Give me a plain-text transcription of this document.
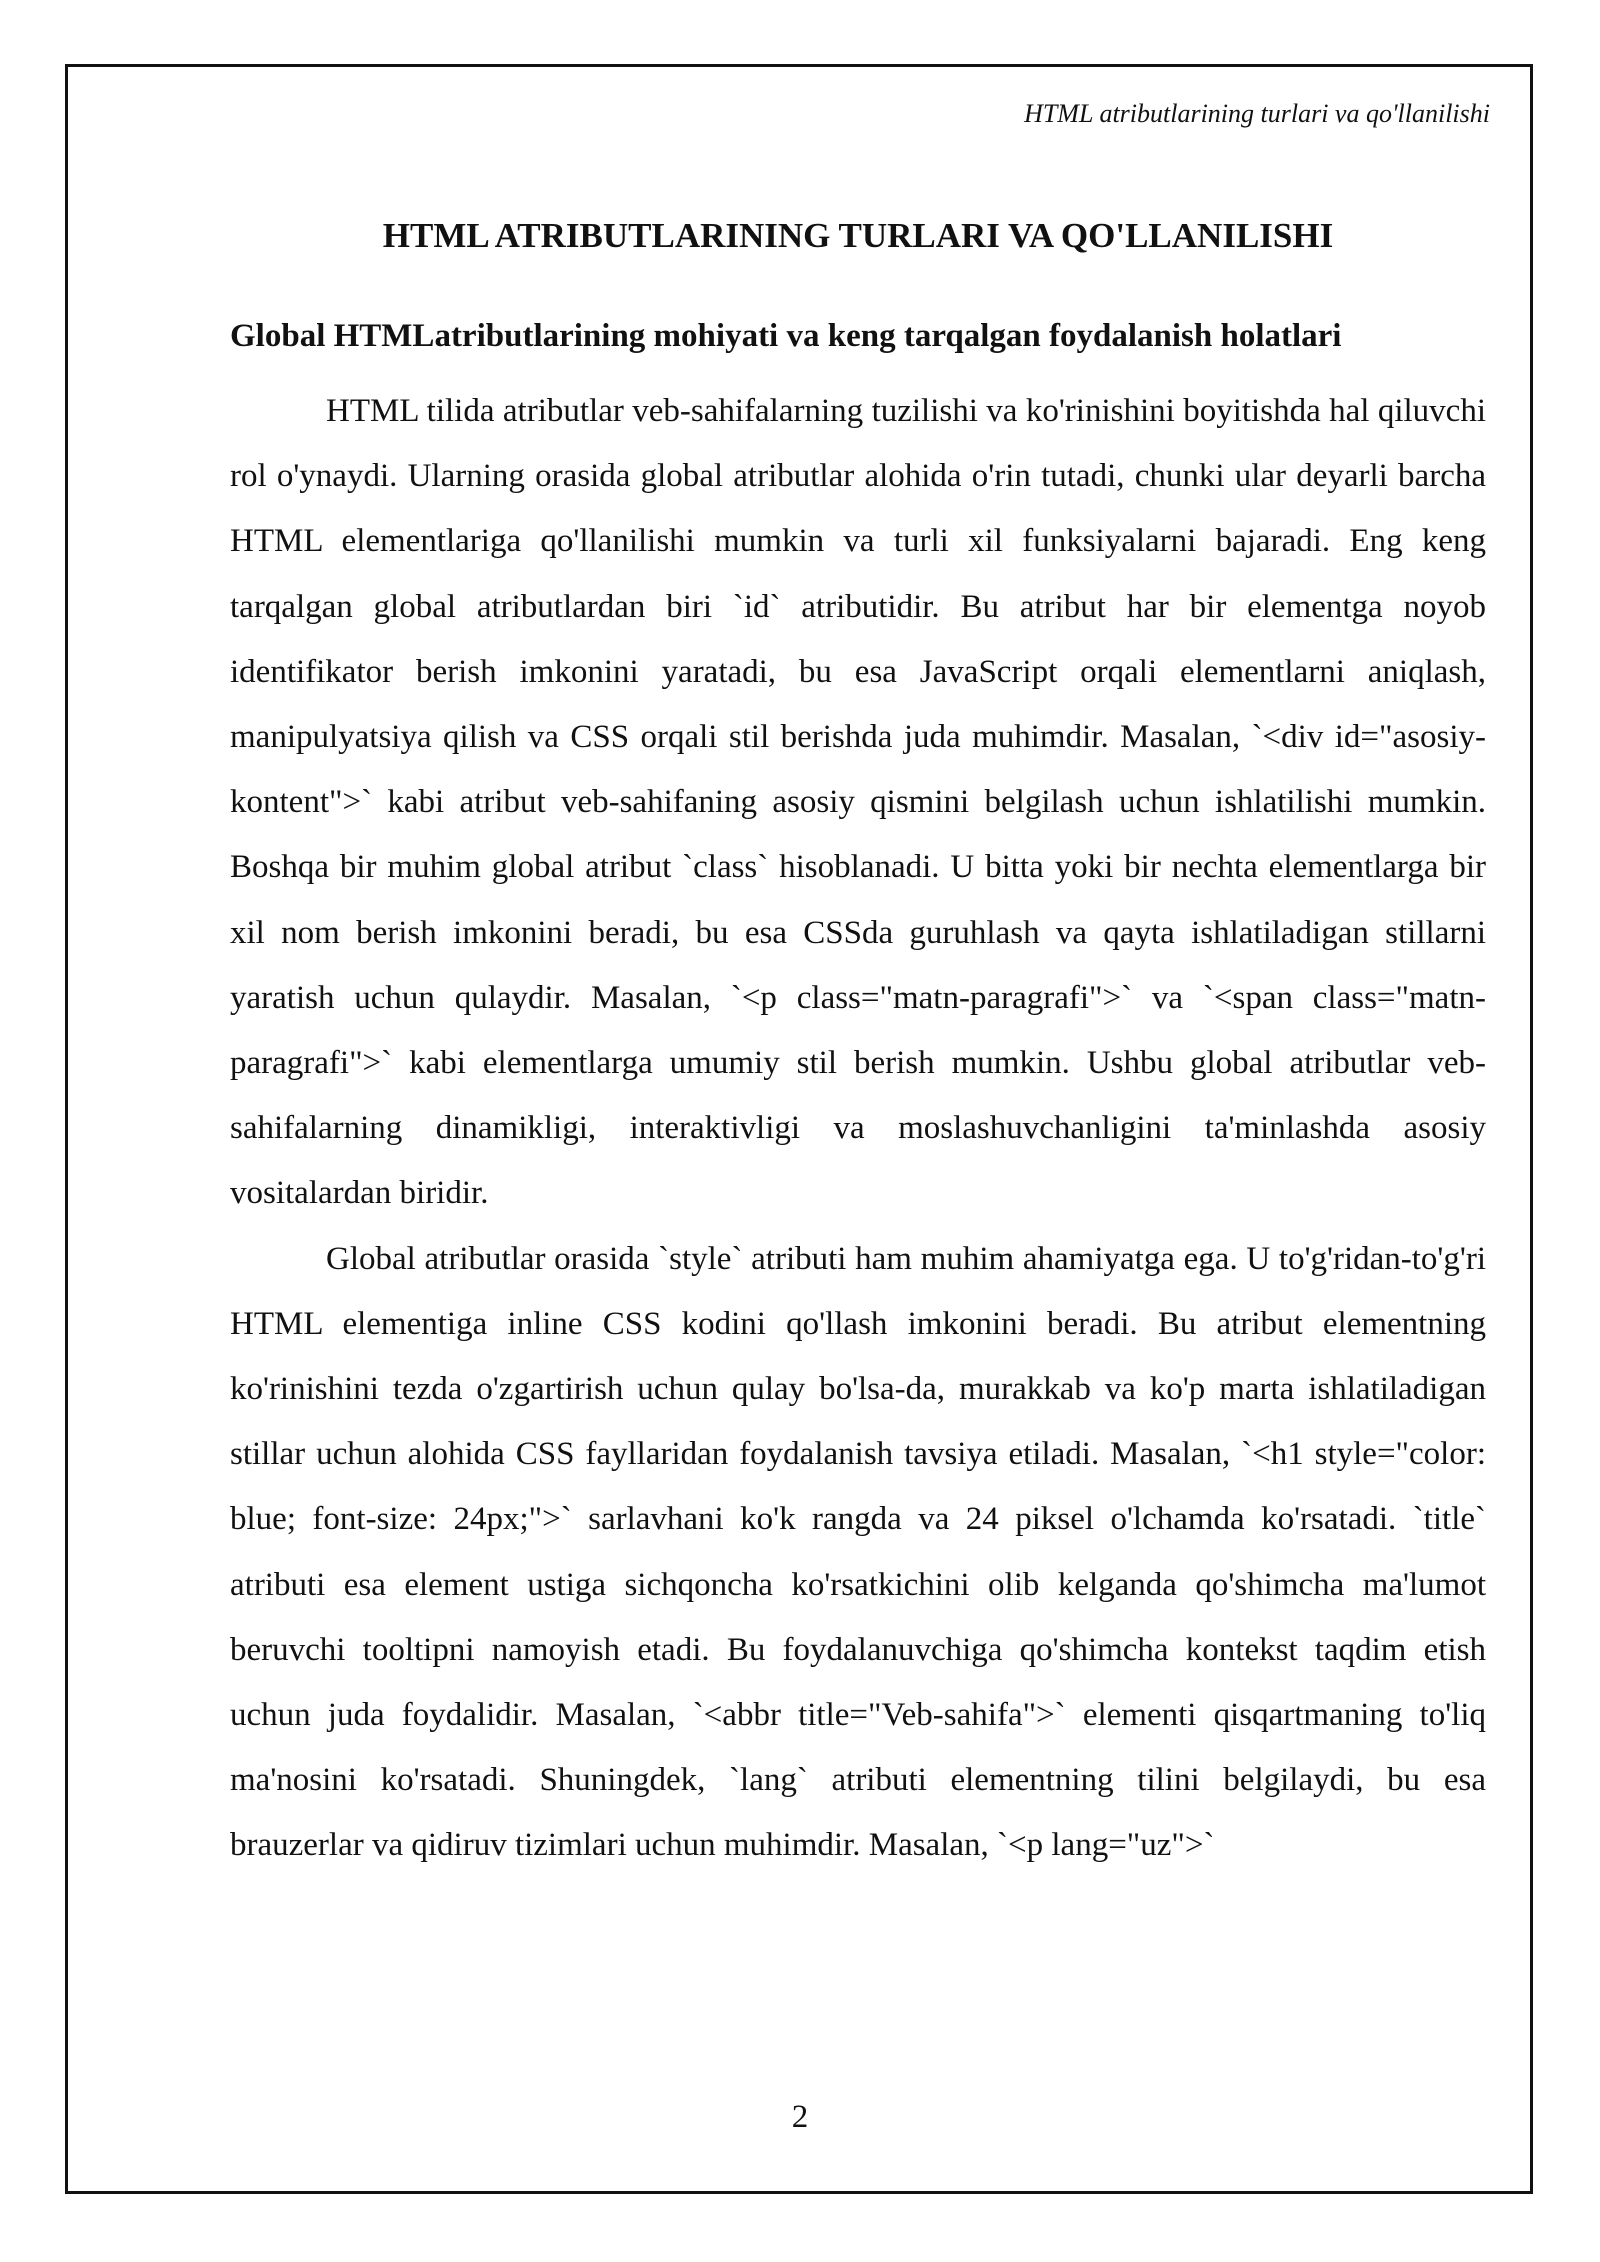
HTML atributlarining turlari va qo'llanilishi
HTML ATRIBUTLARINING TURLARI VA QO'LLANILISHI
Global HTMLatributlarining mohiyati va keng tarqalgan foydalanish holatlari

HTML tilida atributlar veb-sahifalarning tuzilishi va ko'rinishini boyitishda hal qiluvchi rol o'ynaydi. Ularning orasida global atributlar alohida o'rin tutadi, chunki ular deyarli barcha HTML elementlariga qo'llanilishi mumkin va turli xil funksiyalarni bajaradi. Eng keng tarqalgan global atributlardan biri `id` atributidir. Bu atribut har bir elementga noyob identifikator berish imkonini yaratadi, bu esa JavaScript orqali elementlarni aniqlash, manipulyatsiya qilish va CSS orqali stil berishda juda muhimdir. Masalan, `<div id="asosiy-kontent">` kabi atribut veb-sahifaning asosiy qismini belgilash uchun ishlatilishi mumkin. Boshqa bir muhim global atribut `class` hisoblanadi. U bitta yoki bir nechta elementlarga bir xil nom berish imkonini beradi, bu esa CSSda guruhlash va qayta ishlatiladigan stillarni yaratish uchun qulaydir. Masalan, `<p class="matn-paragrafi">` va `<span class="matn-paragrafi">` kabi elementlarga umumiy stil berish mumkin. Ushbu global atributlar veb-sahifalarning dinamikligi, interaktivligi va moslashuvchanligini ta'minlashda asosiy vositalardan biridir.

Global atributlar orasida `style` atributi ham muhim ahamiyatga ega. U to'g'ridan-to'g'ri HTML elementiga inline CSS kodini qo'llash imkonini beradi. Bu atribut elementning ko'rinishini tezda o'zgartirish uchun qulay bo'lsa-da, murakkab va ko'p marta ishlatiladigan stillar uchun alohida CSS fayllaridan foydalanish tavsiya etiladi. Masalan, `<h1 style="color: blue; font-size: 24px;">` sarlavhani ko'k rangda va 24 piksel o'lchamda ko'rsatadi. `title` atributi esa element ustiga sichqoncha ko'rsatkichini olib kelganda qo'shimcha ma'lumot beruvchi tooltipni namoyish etadi. Bu foydalanuvchiga qo'shimcha kontekst taqdim etish uchun juda foydalidir. Masalan, `<abbr title="Veb-sahifa">` elementi qisqartmaning to'liq ma'nosini ko'rsatadi. Shuningdek, `lang` atributi elementning tilini belgilaydi, bu esa brauzerlar va qidiruv tizimlari uchun muhimdir. Masalan, `<p lang="uz">`

2
